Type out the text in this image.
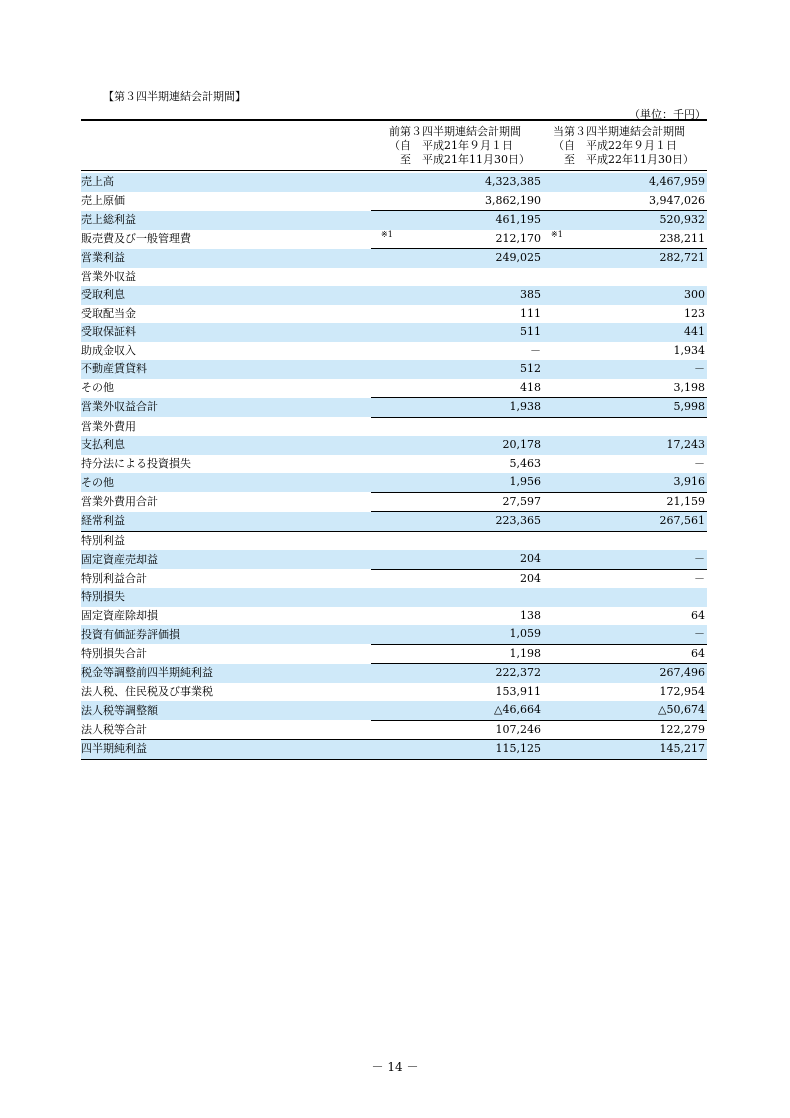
【第３四半期連結会計期間】
（単位：千円）
前第３四半期連結会計期間
（自　平成21年９月１日
　至　平成21年11月30日）
当第３四半期連結会計期間
（自　平成22年９月１日
　至　平成22年11月30日）
売上高	4,323,385	4,467,959
売上原価	3,862,190	3,947,026
売上総利益	461,195	520,932
販売費及び一般管理費	※1 212,170	※1 238,211
営業利益	249,025	282,721
営業外収益		
受取利息	385	300
受取配当金	111	123
受取保証料	511	441
助成金収入	－	1,934
不動産賃貸料	512	－
その他	418	3,198
営業外収益合計	1,938	5,998
営業外費用		
支払利息	20,178	17,243
持分法による投資損失	5,463	－
その他	1,956	3,916
営業外費用合計	27,597	21,159
経常利益	223,365	267,561
特別利益		
固定資産売却益	204	－
特別利益合計	204	－
特別損失		
固定資産除却損	138	64
投資有価証券評価損	1,059	－
特別損失合計	1,198	64
税金等調整前四半期純利益	222,372	267,496
法人税、住民税及び事業税	153,911	172,954
法人税等調整額	△46,664	△50,674
法人税等合計	107,246	122,279
四半期純利益	115,125	145,217
－ 14 －
